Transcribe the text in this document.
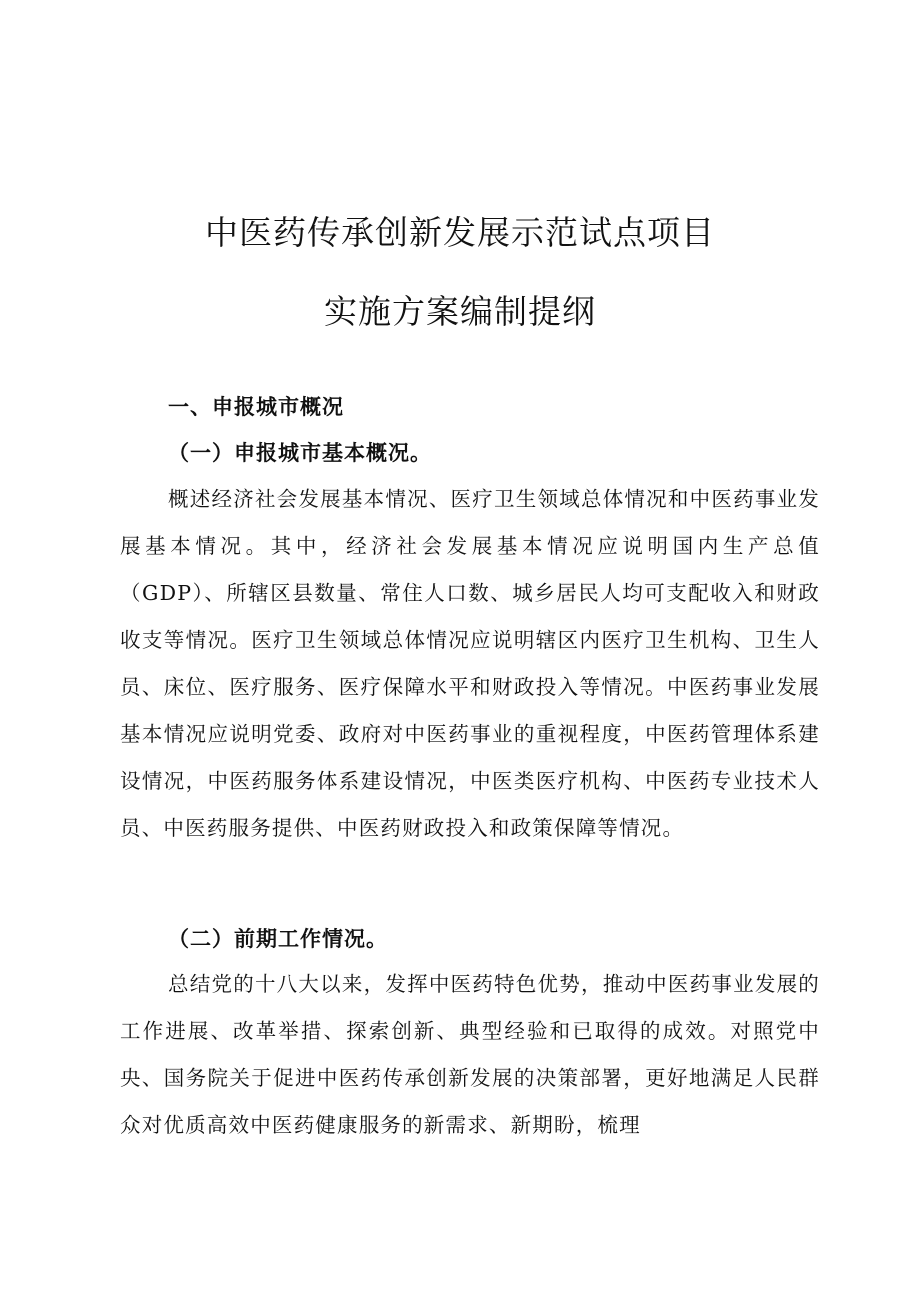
中医药传承创新发展示范试点项目
实施方案编制提纲
一、申报城市概况
（一）申报城市基本概况。

概述经济社会发展基本情况、医疗卫生领域总体情况和中医药事业发展基本情况。其中，经济社会发展基本情况应说明国内生产总值（GDP）、所辖区县数量、常住人口数、城乡居民人均可支配收入和财政收支等情况。医疗卫生领域总体情况应说明辖区内医疗卫生机构、卫生人员、床位、医疗服务、医疗保障水平和财政投入等情况。中医药事业发展基本情况应说明党委、政府对中医药事业的重视程度，中医药管理体系建设情况，中医药服务体系建设情况，中医类医疗机构、中医药专业技术人员、中医药服务提供、中医药财政投入和政策保障等情况。

（二）前期工作情况。

总结党的十八大以来，发挥中医药特色优势，推动中医药事业发展的工作进展、改革举措、探索创新、典型经验和已取得的成效。对照党中央、国务院关于促进中医药传承创新发展的决策部署，更好地满足人民群众对优质高效中医药健康服务的新需求、新期盼，梳理
